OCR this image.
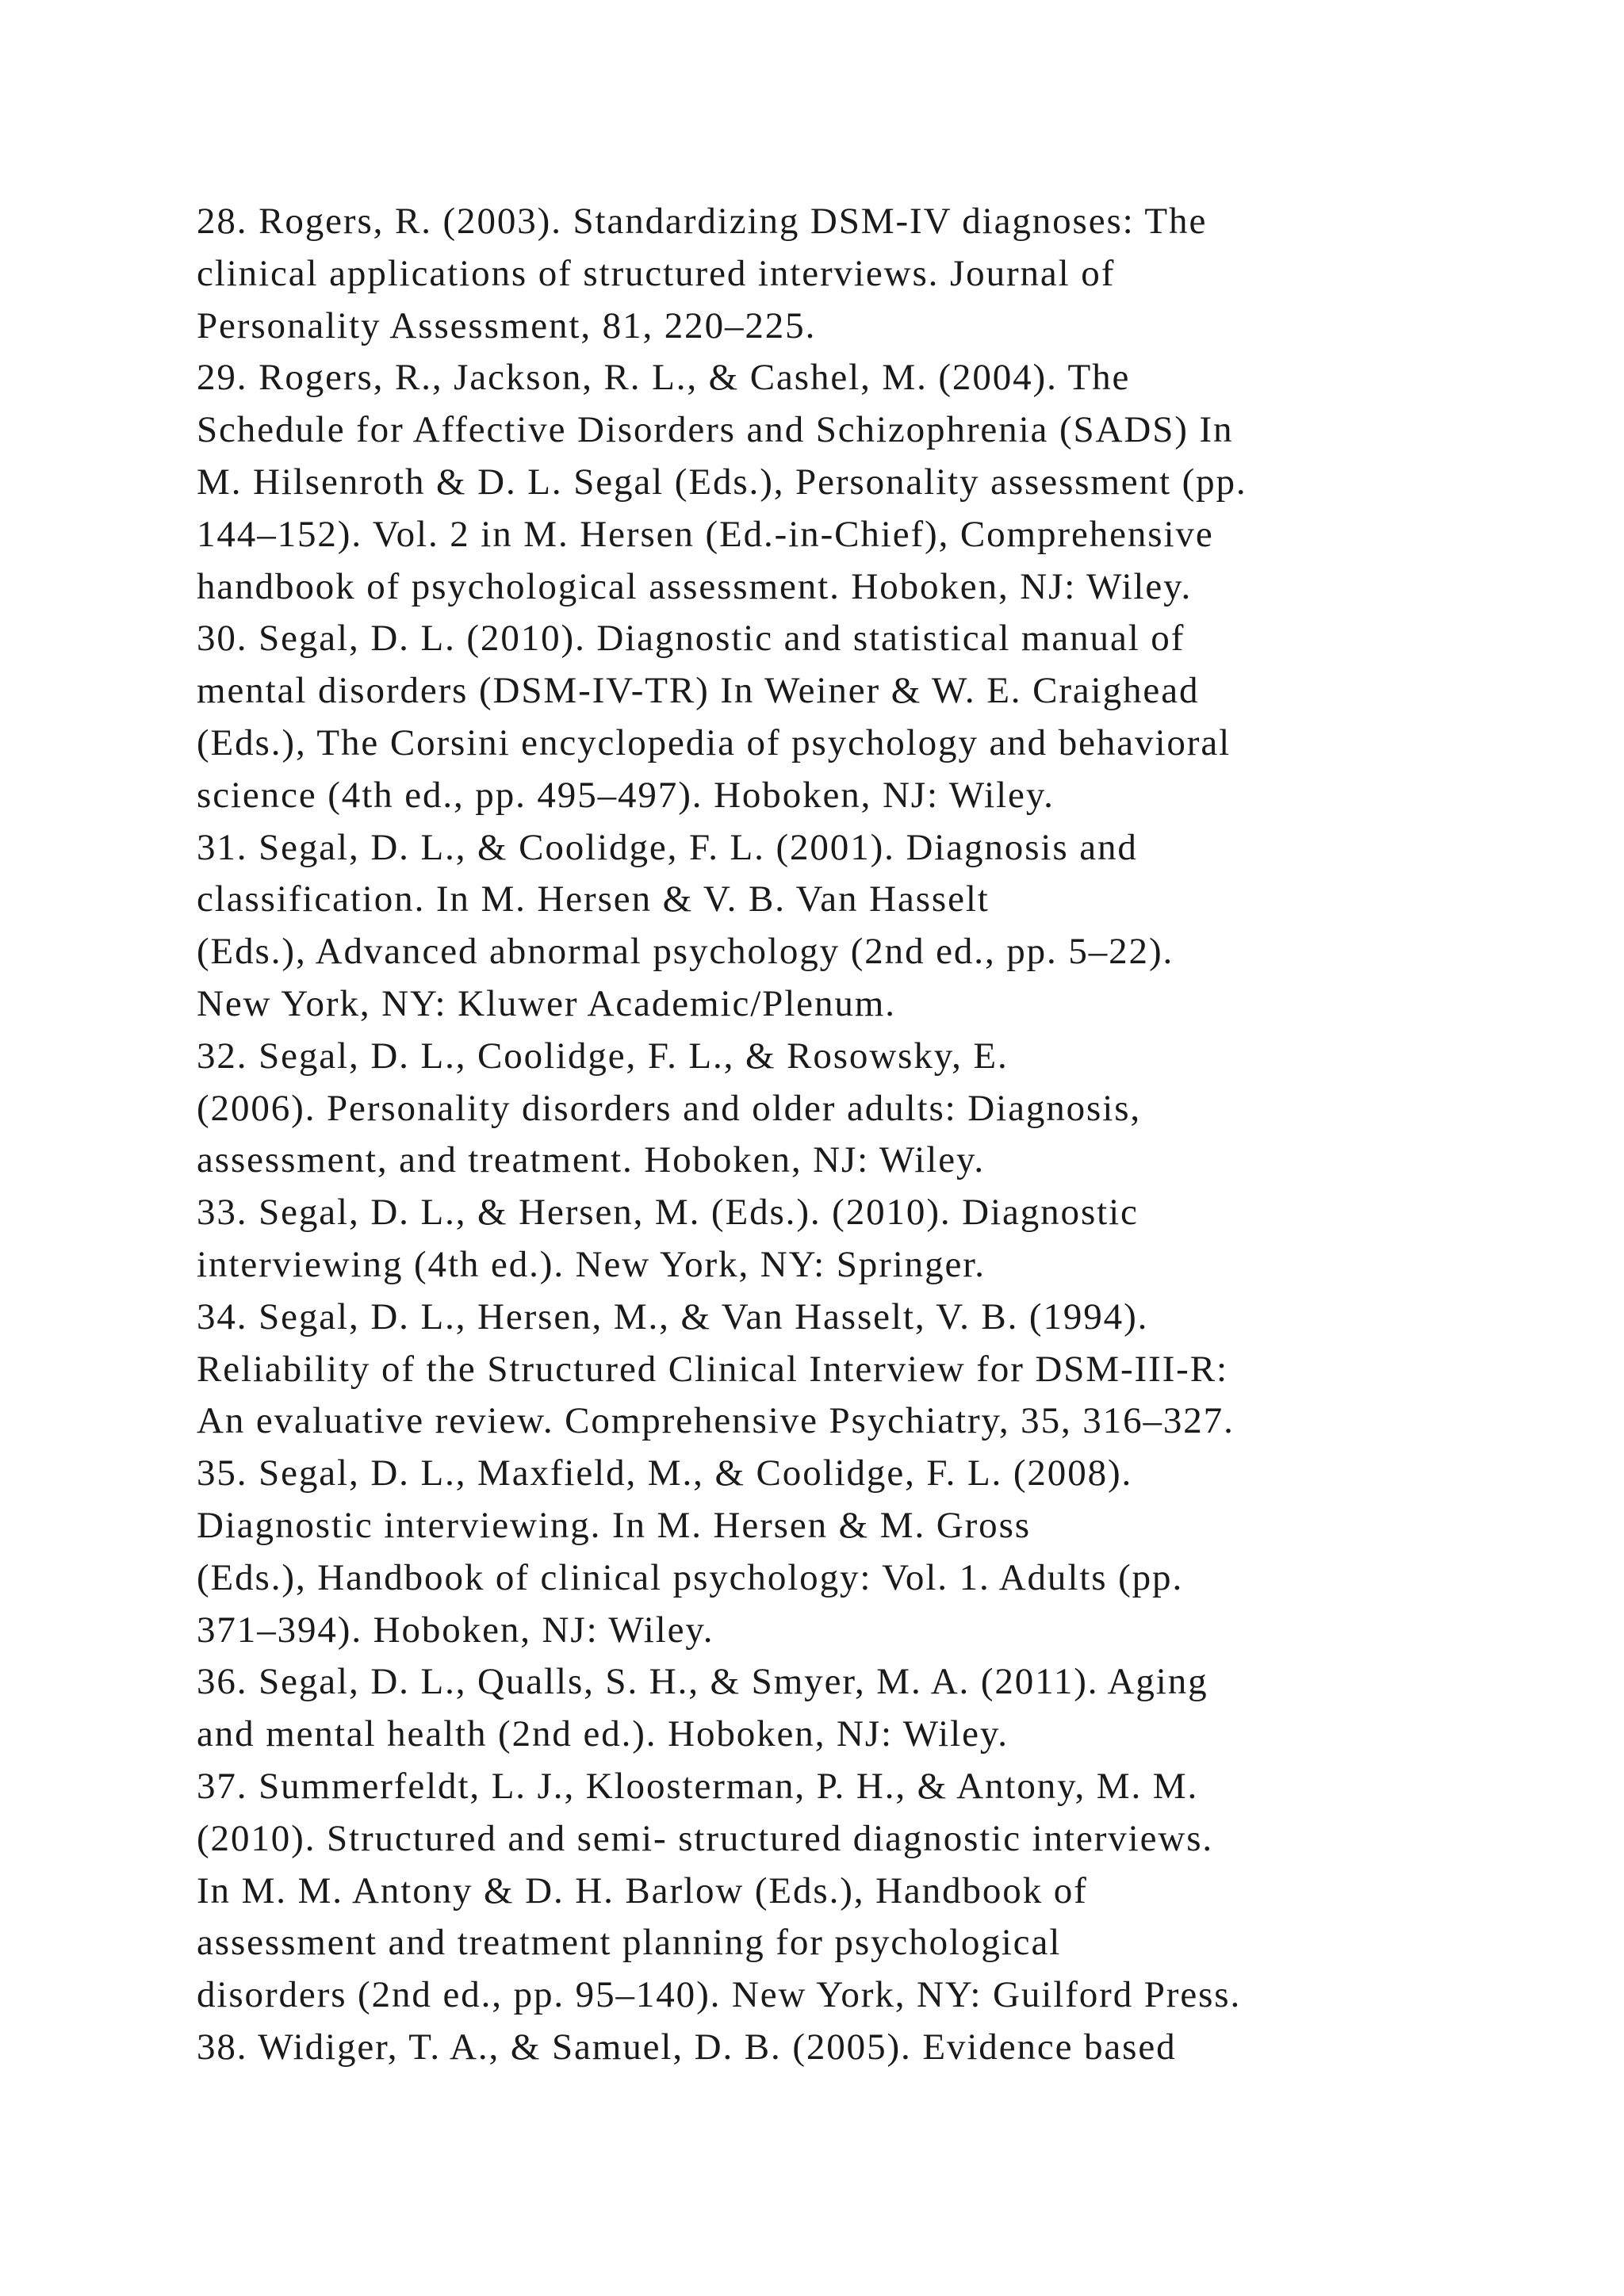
28. Rogers, R. (2003). Standardizing DSM-IV diagnoses: The
clinical applications of structured interviews. Journal of
Personality Assessment, 81, 220–225.
29. Rogers, R., Jackson, R. L., & Cashel, M. (2004). The
Schedule for Affective Disorders and Schizophrenia (SADS) In
M. Hilsenroth & D. L. Segal (Eds.), Personality assessment (pp.
144–152). Vol. 2 in M. Hersen (Ed.-in-Chief), Comprehensive
handbook of psychological assessment. Hoboken, NJ: Wiley.
30. Segal, D. L. (2010). Diagnostic and statistical manual of
mental disorders (DSM-IV-TR) In Weiner & W. E. Craighead
(Eds.), The Corsini encyclopedia of psychology and behavioral
science (4th ed., pp. 495–497). Hoboken, NJ: Wiley.
31. Segal, D. L., & Coolidge, F. L. (2001). Diagnosis and
classification. In M. Hersen & V. B. Van Hasselt
(Eds.), Advanced abnormal psychology (2nd ed., pp. 5–22).
New York, NY: Kluwer Academic/Plenum.
32. Segal, D. L., Coolidge, F. L., & Rosowsky, E.
(2006). Personality disorders and older adults: Diagnosis,
assessment, and treatment. Hoboken, NJ: Wiley.
33. Segal, D. L., & Hersen, M. (Eds.). (2010). Diagnostic
interviewing (4th ed.). New York, NY: Springer.
34. Segal, D. L., Hersen, M., & Van Hasselt, V. B. (1994).
Reliability of the Structured Clinical Interview for DSM-III-R:
An evaluative review. Comprehensive Psychiatry, 35, 316–327.
35. Segal, D. L., Maxfield, M., & Coolidge, F. L. (2008).
Diagnostic interviewing. In M. Hersen & M. Gross
(Eds.), Handbook of clinical psychology: Vol. 1. Adults (pp.
371–394). Hoboken, NJ: Wiley.
36. Segal, D. L., Qualls, S. H., & Smyer, M. A. (2011). Aging
and mental health (2nd ed.). Hoboken, NJ: Wiley.
37. Summerfeldt, L. J., Kloosterman, P. H., & Antony, M. M.
(2010). Structured and semi- structured diagnostic interviews.
In M. M. Antony & D. H. Barlow (Eds.), Handbook of
assessment and treatment planning for psychological
disorders (2nd ed., pp. 95–140). New York, NY: Guilford Press.
38. Widiger, T. A., & Samuel, D. B. (2005). Evidence based
